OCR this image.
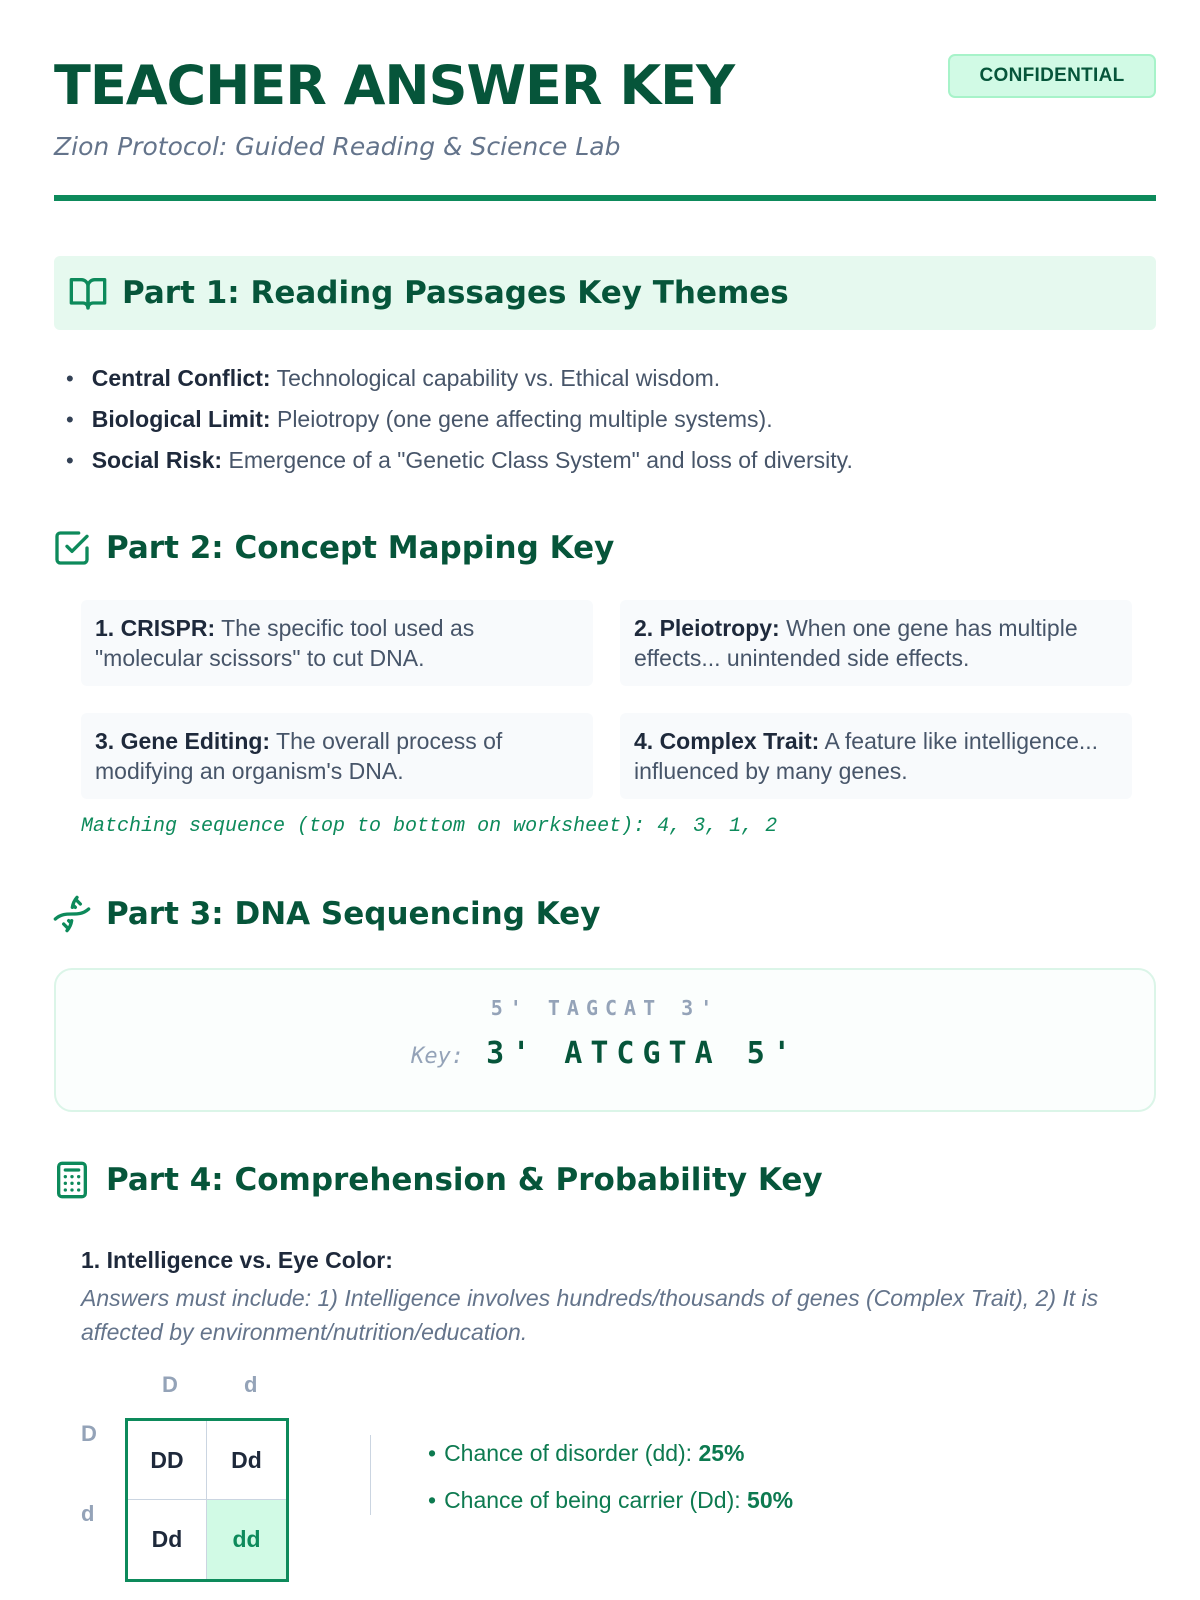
TEACHER ANSWER KEY
Zion Protocol: Guided Reading & Science Lab
CONFIDENTIAL
Part 1: Reading Passages Key Themes
• Central Conflict: Technological capability vs. Ethical wisdom.
• Biological Limit: Pleiotropy (one gene affecting multiple systems).
• Social Risk: Emergence of a "Genetic Class System" and loss of diversity.
Part 2: Concept Mapping Key
1. CRISPR: The specific tool used as "molecular scissors" to cut DNA.
2. Pleiotropy: When one gene has multiple effects... unintended side effects.
3. Gene Editing: The overall process of modifying an organism's DNA.
4. Complex Trait: A feature like intelligence... influenced by many genes.
Matching sequence (top to bottom on worksheet): 4, 3, 1, 2
Part 3: DNA Sequencing Key
5' TAGCAT 3'
Key: 3' ATCGTA 5'
Part 4: Comprehension & Probability Key
1. Intelligence vs. Eye Color:
Answers must include: 1) Intelligence involves hundreds/thousands of genes (Complex Trait), 2) It is affected by environment/nutrition/education.
D	d
D
d
DD	Dd
Dd	dd
• Chance of disorder (dd): 25%
• Chance of being carrier (Dd): 50%
